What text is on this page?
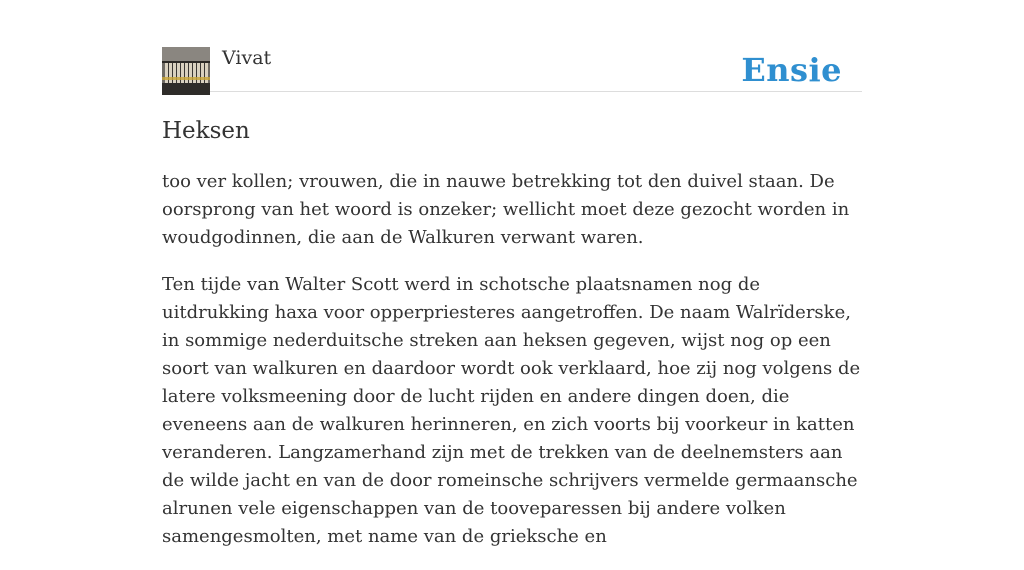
Vivat	Ensie
Heksen

too ver kollen; vrouwen, die in nauwe betrekking tot den duivel staan. De oorsprong van het woord is onzeker; wellicht moet deze gezocht worden in woudgodinnen, die aan de Walkuren verwant waren.

Ten tijde van Walter Scott werd in schotsche plaatsnamen nog de uitdrukking haxa voor opperpriesteres aangetroffen. De naam Walrïderske, in sommige nederduitsche streken aan heksen gegeven, wijst nog op een soort van walkuren en daardoor wordt ook verklaard, hoe zij nog volgens de latere volksmeening door de lucht rijden en andere dingen doen, die eveneens aan de walkuren herinneren, en zich voorts bij voorkeur in katten veranderen. Langzamerhand zijn met de trekken van de deelnemsters aan de wilde jacht en van de door romeinsche schrijvers vermelde germaansche alrunen vele eigenschappen van de tooveparessen bij andere volken samengesmolten, met name van de grieksche en
